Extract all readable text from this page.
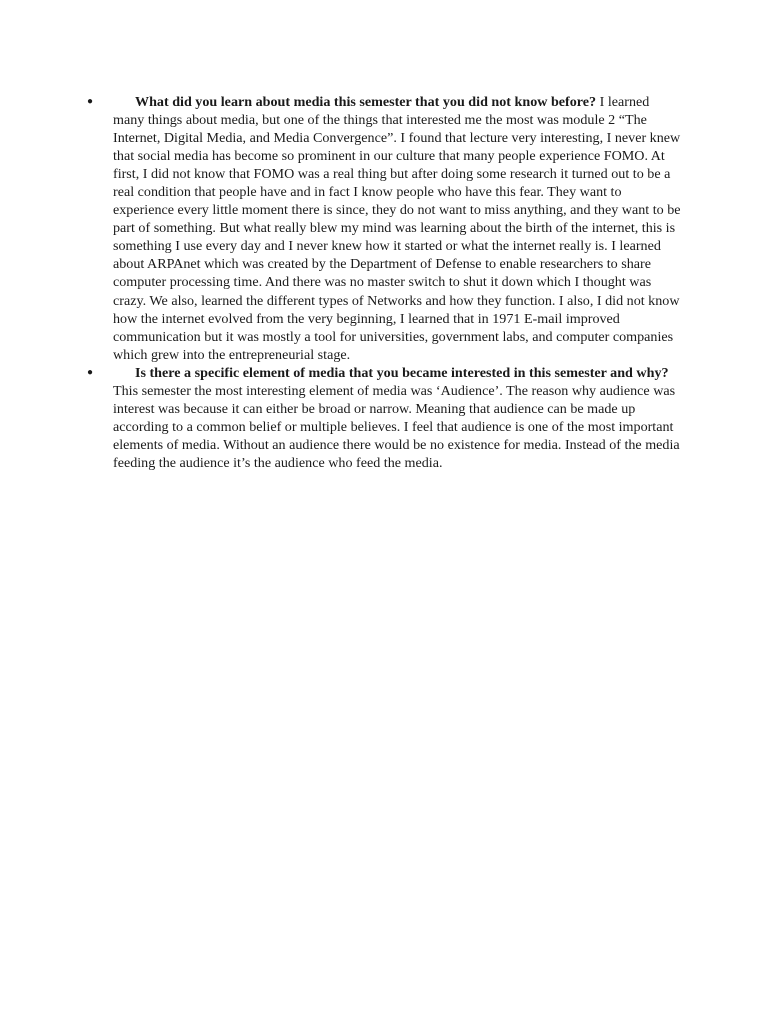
●	What did you learn about media this semester that you did not know before? I learned many things about media, but one of the things that interested me the most was module 2 “The Internet, Digital Media, and Media Convergence”. I found that lecture very interesting, I never knew that social media has become so prominent in our culture that many people experience FOMO. At first, I did not know that FOMO was a real thing but after doing some research it turned out to be a real condition that people have and in fact I know people who have this fear. They want to experience every little moment there is since, they do not want to miss anything, and they want to be part of something. But what really blew my mind was learning about the birth of the internet, this is something I use every day and I never knew how it started or what the internet really is. I learned about ARPAnet which was created by the Department of Defense to enable researchers to share computer processing time. And there was no master switch to shut it down which I thought was crazy. We also, learned the different types of Networks and how they function. I also, I did not know how the internet evolved from the very beginning, I learned that in 1971 E-mail improved communication but it was mostly a tool for universities, government labs, and computer companies which grew into the entrepreneurial stage.
●	Is there a specific element of media that you became interested in this semester and why? This semester the most interesting element of media was ‘Audience’. The reason why audience was interest was because it can either be broad or narrow. Meaning that audience can be made up according to a common belief or multiple believes. I feel that audience is one of the most important elements of media. Without an audience there would be no existence for media. Instead of the media feeding the audience it’s the audience who feed the media.
